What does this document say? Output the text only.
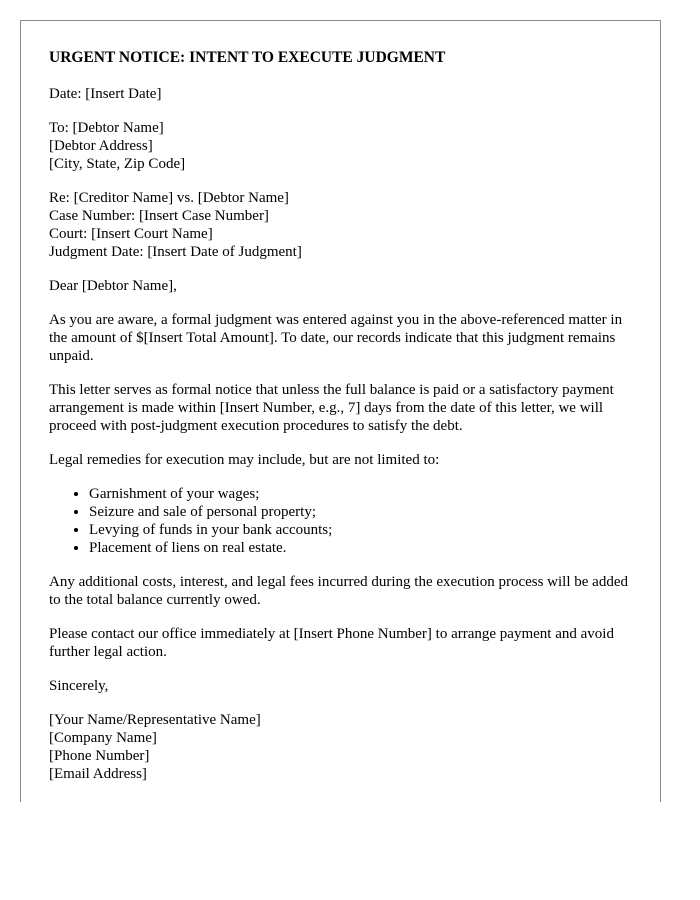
URGENT NOTICE: INTENT TO EXECUTE JUDGMENT

Date: [Insert Date]

To: [Debtor Name]
[Debtor Address]
[City, State, Zip Code]

Re: [Creditor Name] vs. [Debtor Name]
Case Number: [Insert Case Number]
Court: [Insert Court Name]
Judgment Date: [Insert Date of Judgment]

Dear [Debtor Name],

As you are aware, a formal judgment was entered against you in the above-referenced matter in the amount of $[Insert Total Amount]. To date, our records indicate that this judgment remains unpaid.

This letter serves as formal notice that unless the full balance is paid or a satisfactory payment arrangement is made within [Insert Number, e.g., 7] days from the date of this letter, we will proceed with post-judgment execution procedures to satisfy the debt.

Legal remedies for execution may include, but are not limited to:

• Garnishment of your wages;
• Seizure and sale of personal property;
• Levying of funds in your bank accounts;
• Placement of liens on real estate.

Any additional costs, interest, and legal fees incurred during the execution process will be added to the total balance currently owed.

Please contact our office immediately at [Insert Phone Number] to arrange payment and avoid further legal action.

Sincerely,

[Your Name/Representative Name]
[Company Name]
[Phone Number]
[Email Address]
